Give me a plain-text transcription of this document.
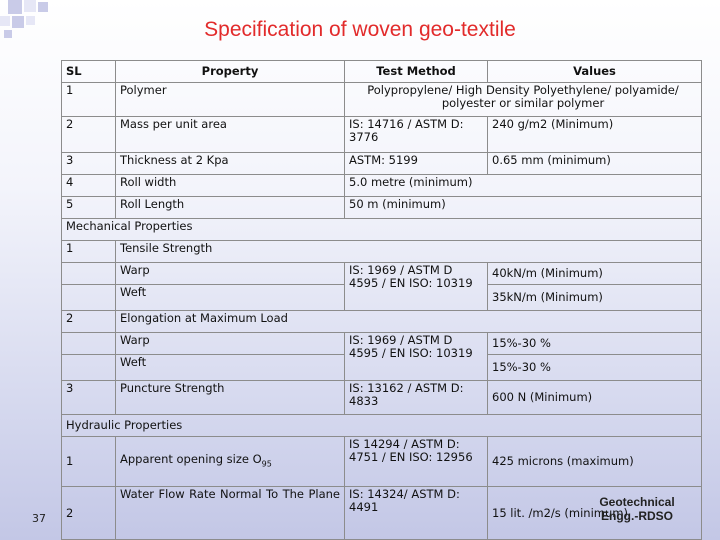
Specification of woven geo-textile
SL	Property	Test Method	Values
1	Polymer	Polypropylene/ High Density Polyethylene/ polyamide/ polyester or similar polymer	
2	Mass per unit area	IS: 14716 / ASTM D: 3776	240 g/m2 (Minimum)
3	Thickness at 2 Kpa	ASTM: 5199	0.65 mm (minimum)
4	Roll width	5.0 metre (minimum)	
5	Roll Length	50 m (minimum)	
Mechanical Properties			
1	Tensile Strength		
	Warp	IS: 1969 / ASTM D 4595 / EN ISO: 10319	40kN/m (Minimum)
	Weft		35kN/m (Minimum)
2	Elongation at Maximum Load		
	Warp	IS: 1969 / ASTM D 4595 / EN ISO: 10319	15%-30 %
	Weft		15%-30 %
3	Puncture Strength	IS: 13162 / ASTM D: 4833	600 N (Minimum)
Hydraulic Properties			
1	Apparent opening size $O_{95}$	IS 14294 / ASTM D: 4751 / EN ISO: 12956	425 microns (maximum)
2	Water Flow Rate Normal To The Plane	IS: 14324/ ASTM D: 4491	15 lit. /m2/s (minimum)
37
Geotechnical
Engg.-RDSO
